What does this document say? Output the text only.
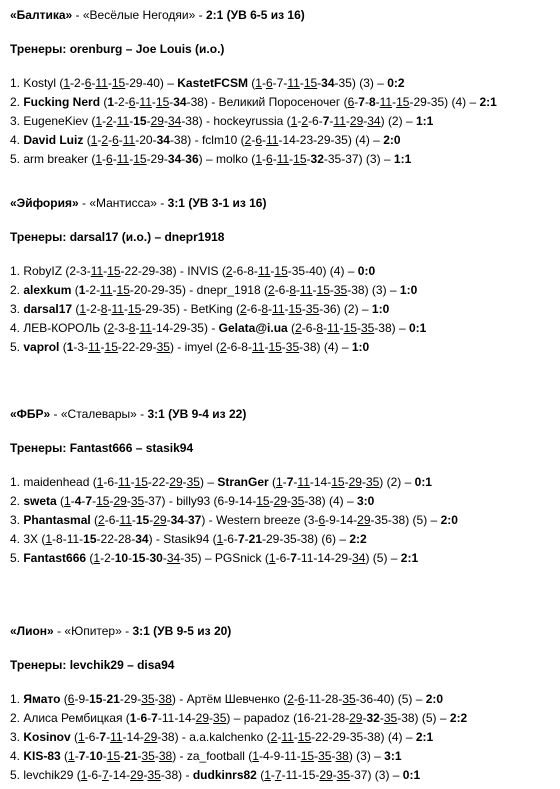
«Балтика» - «Весёлые Негодяи» - 2:1 (УВ 6-5 из 16)
Тренеры: orenburg – Joe Louis (и.о.)
1. Kostyl (1-2-6-11-15-29-40) – KastetFCSM (1-6-7-11-15-34-35) (3) – 0:2
2. Fucking Nerd (1-2-6-11-15-34-38) - Великий Поросеночег (6-7-8-11-15-29-35) (4) – 2:1
3. EugeneKiev (1-2-11-15-29-34-38) - hockeyrussia (1-2-6-7-11-29-34) (2) – 1:1
4. David Luiz (1-2-6-11-20-34-38) - fclm10 (2-6-11-14-23-29-35) (4) – 2:0
5. arm breaker (1-6-11-15-29-34-36) – molko (1-6-11-15-32-35-37) (3) – 1:1
«Эйфория» - «Мантисса» - 3:1 (УВ 3-1 из 16)
Тренеры: darsal17 (и.о.) – dnepr1918
1. RobyIZ (2-3-11-15-22-29-38) - INVIS (2-6-8-11-15-35-40) (4) – 0:0
2. alexkum (1-2-11-15-20-29-35) - dnepr_1918 (2-6-8-11-15-35-38) (3) – 1:0
3. darsal17 (1-2-8-11-15-29-35) - BetKing (2-6-8-11-15-35-36) (2) – 1:0
4. ЛЕВ-КОРОЛЬ (2-3-8-11-14-29-35) - Gelata@i.ua (2-6-8-11-15-35-38) – 0:1
5. vaprol (1-3-11-15-22-29-35) - imyel (2-6-8-11-15-35-38) (4) – 1:0
«ФБР» - «Сталевары» - 3:1 (УВ 9-4 из 22)
Тренеры: Fantast666 – stasik94
1. maidenhead (1-6-11-15-22-29-35) – StranGer (1-7-11-14-15-29-35) (2) – 0:1
2. sweta (1-4-7-15-29-35-37) - billy93 (6-9-14-15-29-35-38) (4) – 3:0
3. Phantasmal (2-6-11-15-29-34-37) - Western breeze (3-6-9-14-29-35-38) (5) – 2:0
4. 3X (1-8-11-15-22-28-34) - Stasik94 (1-6-7-21-29-35-38) (6) – 2:2
5. Fantast666 (1-2-10-15-30-34-35) – PGSnick (1-6-7-11-14-29-34) (5) – 2:1
«Лион» - «Юпитер» - 3:1 (УВ 9-5 из 20)
Тренеры: levchik29 – disa94
1. Ямато (6-9-15-21-29-35-38) - Артём Шевченко (2-6-11-28-35-36-40) (5) – 2:0
2. Алиса Рембицкая (1-6-7-11-14-29-35) – papadoz (16-21-28-29-32-35-38) (5) – 2:2
3. Kosinov (1-6-7-11-14-29-38) - a.a.kalchenko (2-11-15-22-29-35-38) (4) – 2:1
4. KIS-83 (1-7-10-15-21-35-38) - za_football (1-4-9-11-15-35-38) (3) – 3:1
5. levchik29 (1-6-7-14-29-35-38) - dudkinrs82 (1-7-11-15-29-35-37) (3) – 0:1
